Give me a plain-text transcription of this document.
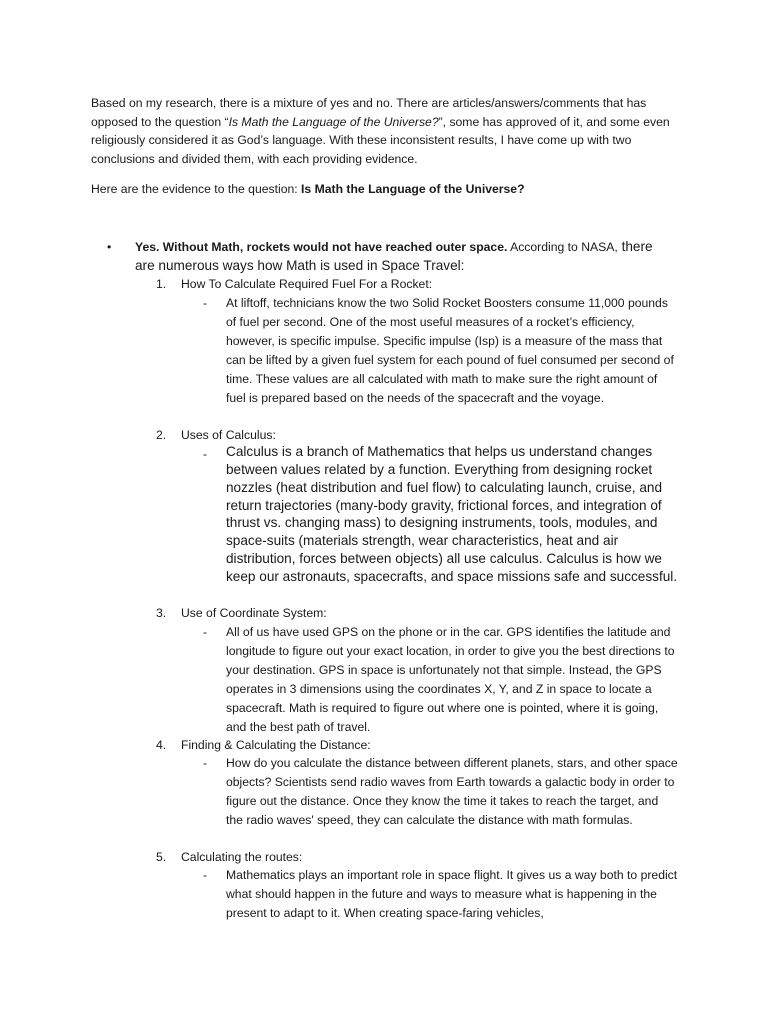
Based on my research, there is a mixture of yes and no. There are articles/answers/comments that has opposed to the question “Is Math the Language of the Universe?”, some has approved of it, and some even religiously considered it as God’s language. With these inconsistent results, I have come up with two conclusions and divided them, with each providing evidence.
Here are the evidence to the question: Is Math the Language of the Universe?
•	Yes. Without Math, rockets would not have reached outer space. According to NASA, there are numerous ways how Math is used in Space Travel:
1. How To Calculate Required Fuel For a Rocket:
- At liftoff, technicians know the two Solid Rocket Boosters consume 11,000 pounds of fuel per second. One of the most useful measures of a rocket’s efficiency, however, is specific impulse. Specific impulse (Isp) is a measure of the mass that can be lifted by a given fuel system for each pound of fuel consumed per second of time. These values are all calculated with math to make sure the right amount of fuel is prepared based on the needs of the spacecraft and the voyage.
2. Uses of Calculus:
- Calculus is a branch of Mathematics that helps us understand changes between values related by a function. Everything from designing rocket nozzles (heat distribution and fuel flow) to calculating launch, cruise, and return trajectories (many-body gravity, frictional forces, and integration of thrust vs. changing mass) to designing instruments, tools, modules, and space-suits (materials strength, wear characteristics, heat and air distribution, forces between objects) all use calculus. Calculus is how we keep our astronauts, spacecrafts, and space missions safe and successful.
3. Use of Coordinate System:
- All of us have used GPS on the phone or in the car. GPS identifies the latitude and longitude to figure out your exact location, in order to give you the best directions to your destination. GPS in space is unfortunately not that simple. Instead, the GPS operates in 3 dimensions using the coordinates X, Y, and Z in space to locate a spacecraft. Math is required to figure out where one is pointed, where it is going, and the best path of travel.
4. Finding & Calculating the Distance:
- How do you calculate the distance between different planets, stars, and other space objects? Scientists send radio waves from Earth towards a galactic body in order to figure out the distance. Once they know the time it takes to reach the target, and the radio waves' speed, they can calculate the distance with math formulas.
5. Calculating the routes:
- Mathematics plays an important role in space flight. It gives us a way both to predict what should happen in the future and ways to measure what is happening in the present to adapt to it. When creating space-faring vehicles,
